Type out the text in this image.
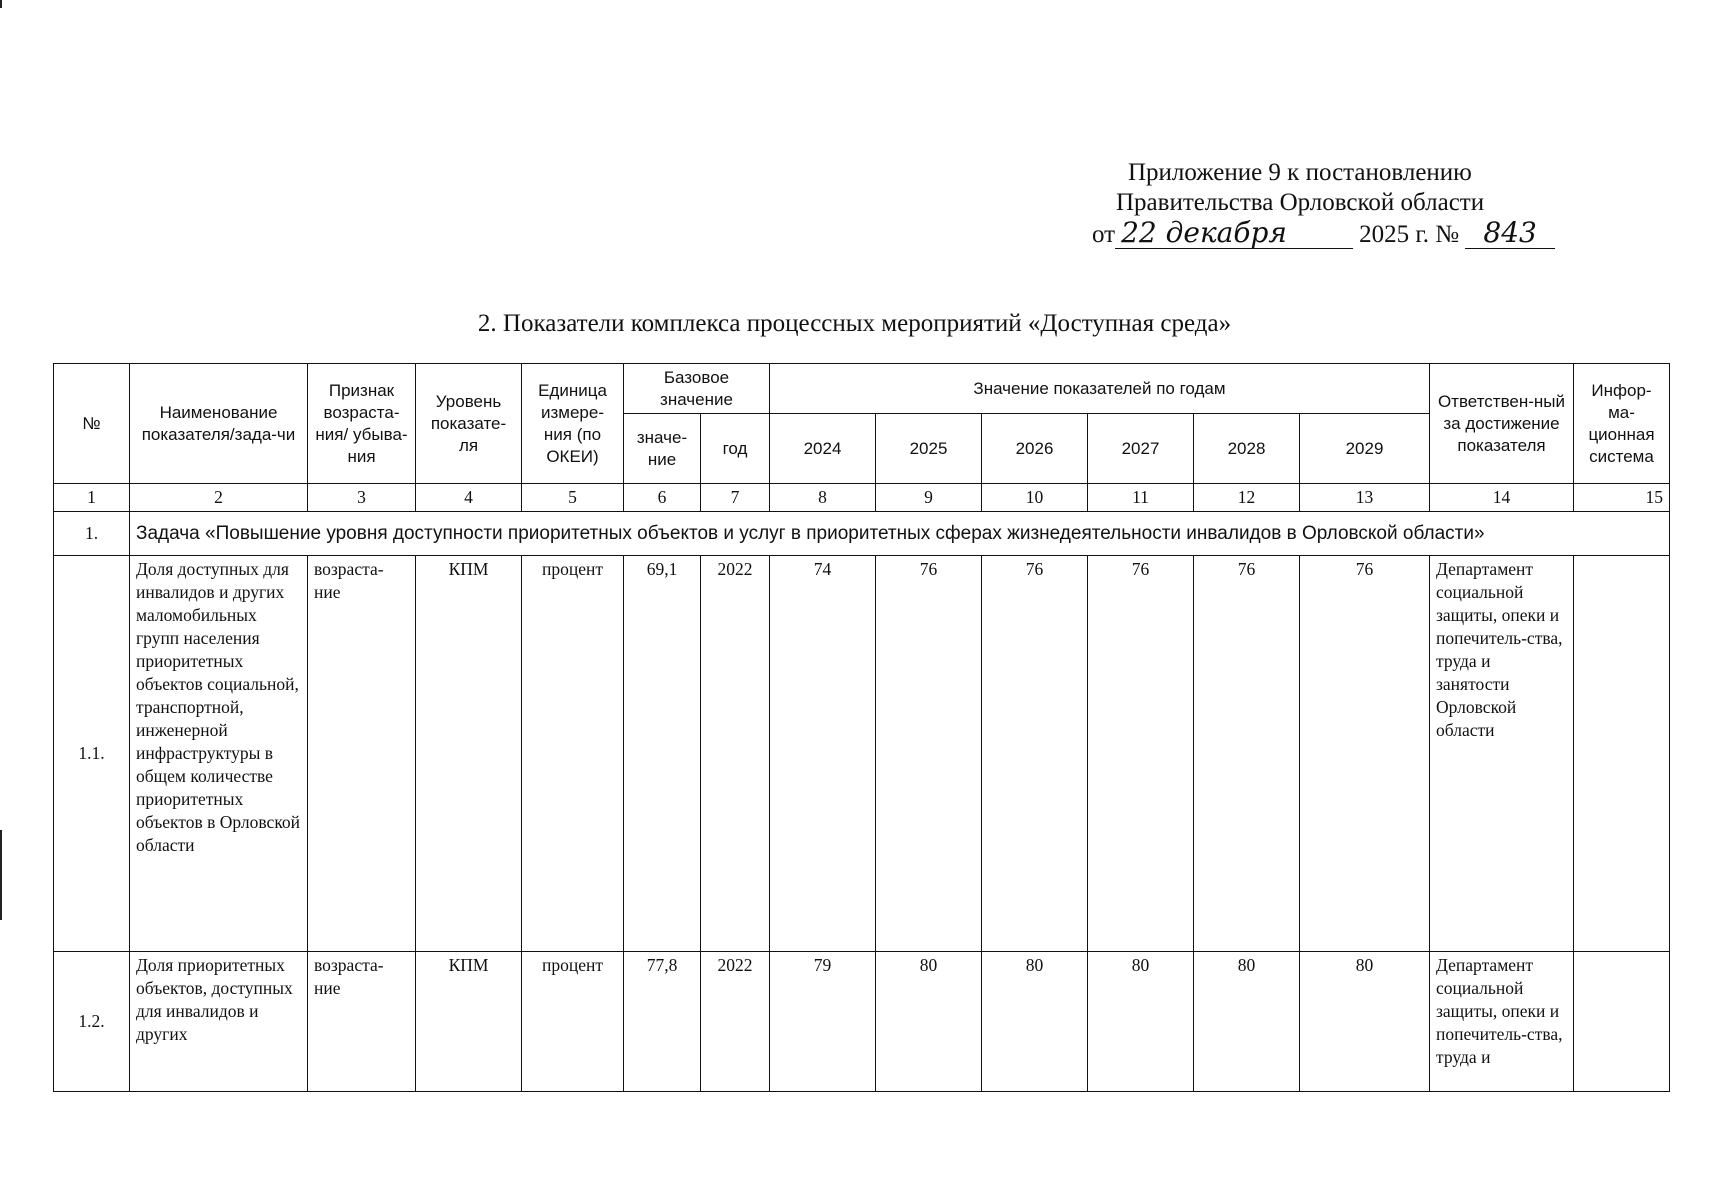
Приложение 9 к постановлению
Правительства Орловской области
от 22 декабря	2025 г. № 843
2. Показатели комплекса процессных мероприятий «Доступная среда»
№	Наименование показателя/зада-чи	Признак возраста-ния/ убыва-ния	Уровень показате-ля	Единица измере-ния (по ОКЕИ)	Базовое значение		Значение показателей по годам						Ответствен-ный за достижение показателя	Инфор-ма-ционная система
					значе-ние	год	2024	2025	2026	2027	2028	2029		
1	2	3	4	5	6	7	8	9	10	11	12	13	14	15
1.	Задача «Повышение уровня доступности приоритетных объектов и услуг в приоритетных сферах жизнедеятельности инвалидов в Орловской области»													
1.1.	Доля доступных для инвалидов и других маломобильных групп населения приоритетных объектов социальной, транспортной, инженерной инфраструктуры в общем количестве приоритетных объектов в Орловской области	возраста-ние	КПМ	процент	69,1	2022	74	76	76	76	76	76	Департамент социальной защиты, опеки и попечитель-ства, труда и занятости Орловской области	
1.2.	Доля приоритетных объектов, доступных для инвалидов и других	возраста-ние	КПМ	процент	77,8	2022	79	80	80	80	80	80	Департамент социальной защиты, опеки и попечитель-ства, труда и	
